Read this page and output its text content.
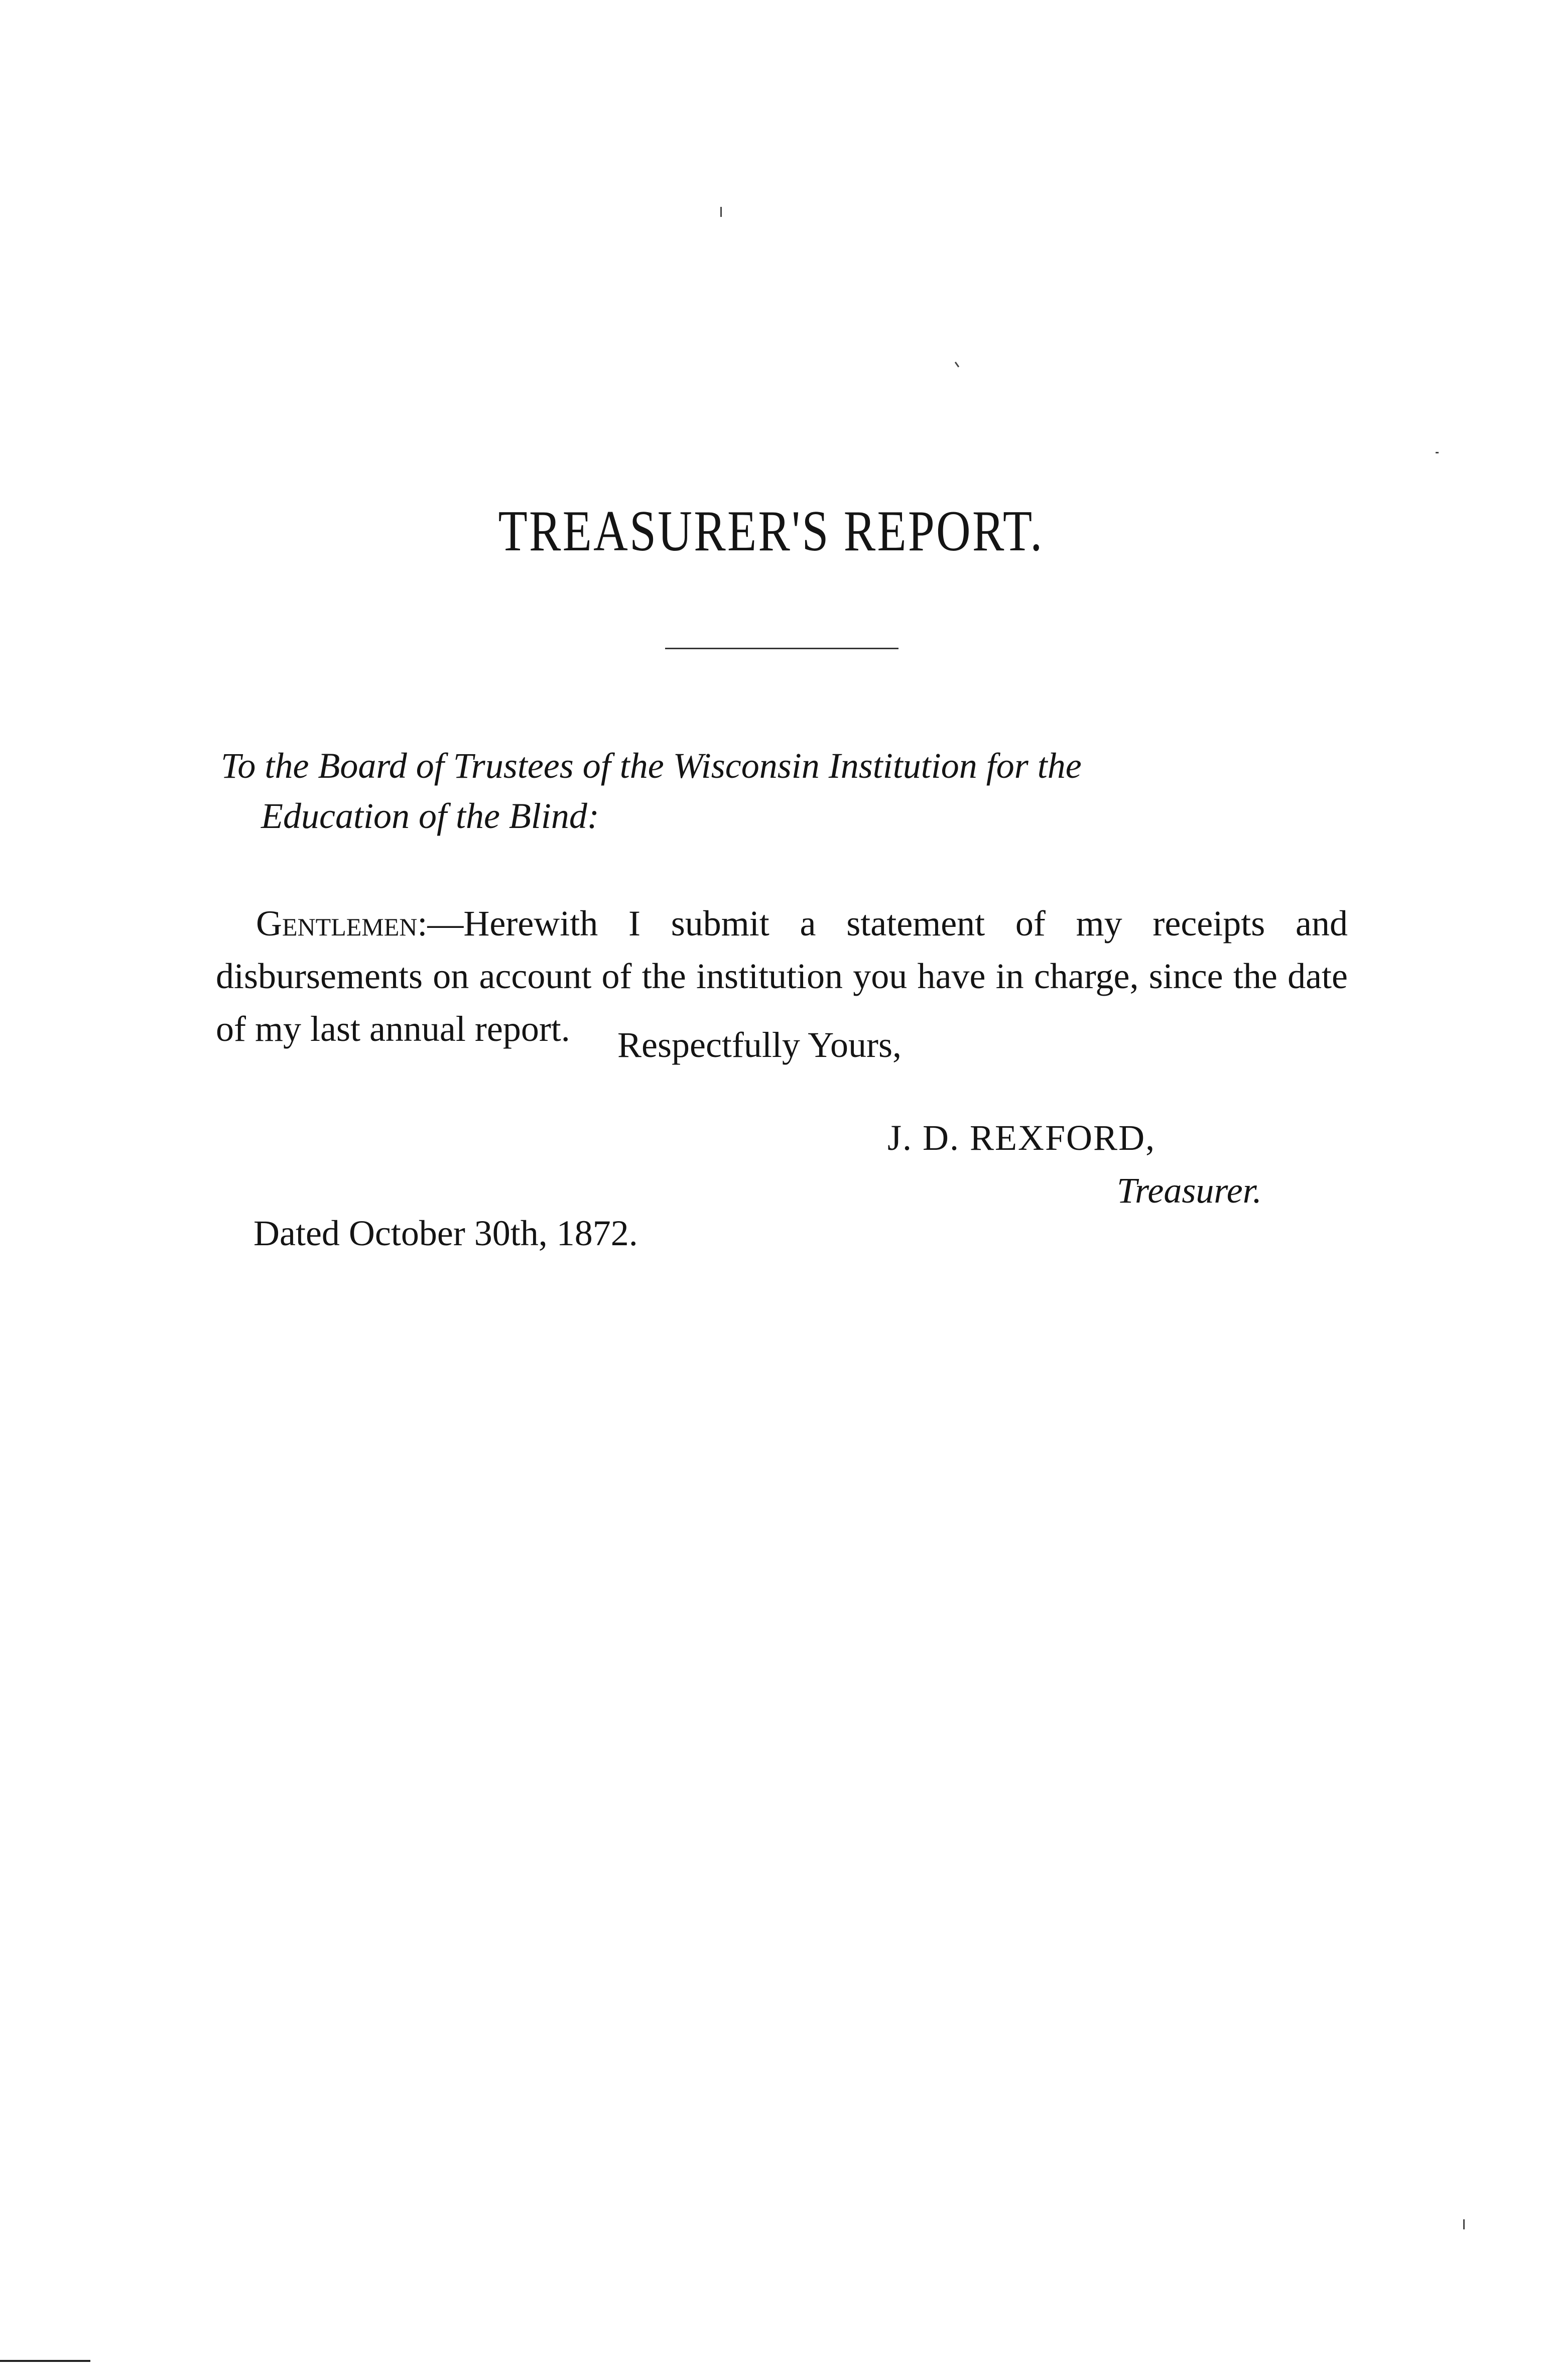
TREASURER'S REPORT.
To the Board of Trustees of the Wisconsin Institution for the
Education of the Blind:

Gentlemen:—Herewith I submit a statement of my receipts and disbursements on account of the institution you have in charge, since the date of my last annual report.	Respectfully Yours,
J. D. REXFORD,
Treasurer.
Dated October 30th, 1872.
